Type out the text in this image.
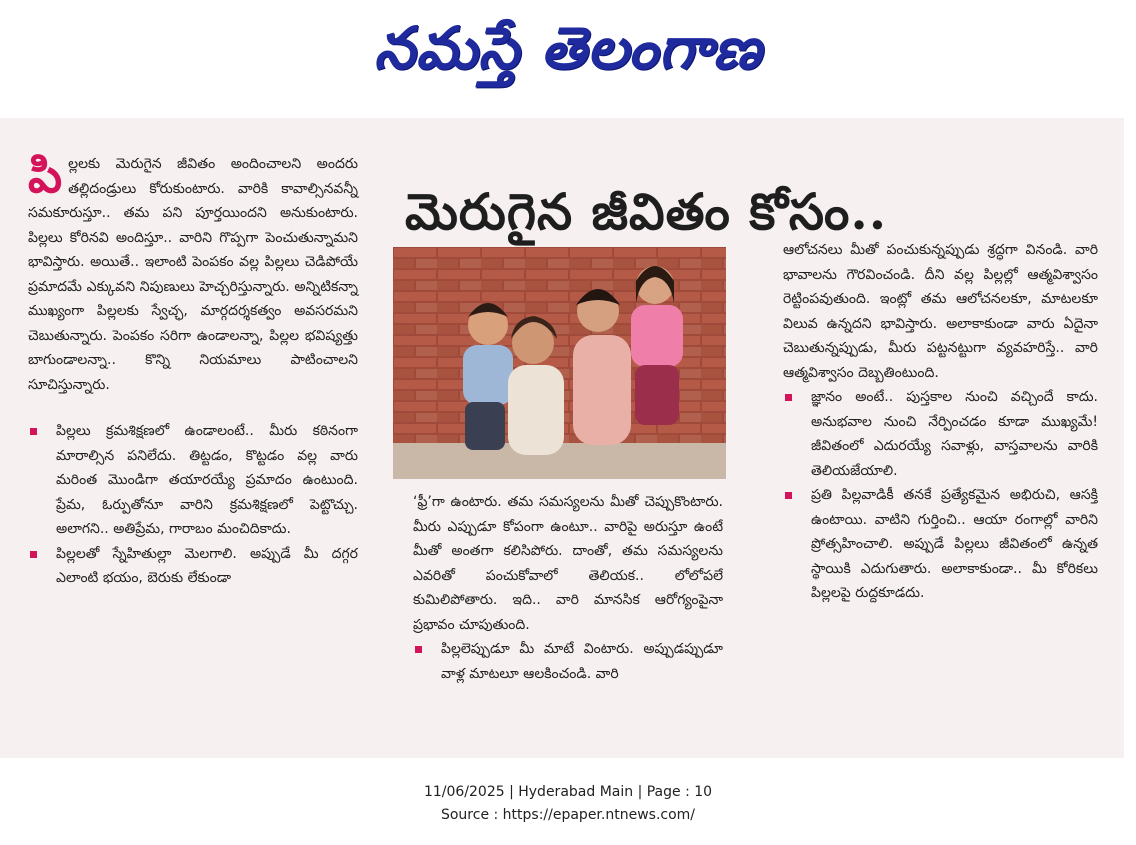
నమస్తే తెలంగాణ
మెరుగైన జీవితం కోసం..

పిల్లలకు మెరుగైన జీవితం అందించాలని అందరు తల్లిదండ్రులు కోరుకుంటారు. వారికి కావాల్సినవన్నీ సమకూరుస్తూ.. తమ పని పూర్తయిందని అనుకుంటారు. పిల్లలు కోరినవి అందిస్తూ.. వారిని గొప్పగా పెంచుతున్నామని భావిస్తారు. అయితే.. ఇలాంటి పెంపకం వల్ల పిల్లలు చెడిపోయే ప్రమాదమే ఎక్కువని నిపుణులు హెచ్చరిస్తున్నారు. అన్నిటికన్నా ముఖ్యంగా పిల్లలకు స్వేచ్ఛ, మార్గదర్శకత్వం అవసరమని చెబుతున్నారు. పెంపకం సరిగా ఉండాలన్నా, పిల్లల భవిష్యత్తు బాగుండాలన్నా.. కొన్ని నియమాలు పాటించాలని సూచిస్తున్నారు.

పిల్లలు క్రమశిక్షణలో ఉండాలంటే.. మీరు కఠినంగా మారాల్సిన పనిలేదు. తిట్టడం, కొట్టడం వల్ల వారు మరింత మొండిగా తయారయ్యే ప్రమాదం ఉంటుంది. ప్రేమ, ఓర్పుతోనూ వారిని క్రమశిక్షణలో పెట్టొచ్చు. అలాగని.. అతిప్రేమ, గారాబం మంచిదికాదు.

పిల్లలతో స్నేహితుల్లా మెలగాలి. అప్పుడే మీ దగ్గర ఎలాంటి భయం, బెరుకు లేకుండా

‘ఫ్రీ’గా ఉంటారు. తమ సమస్యలను మీతో చెప్పుకొంటారు. మీరు ఎప్పుడూ కోపంగా ఉంటూ.. వారిపై అరుస్తూ ఉంటే మీతో అంతగా కలిసిపోరు. దాంతో, తమ సమస్యలను ఎవరితో పంచుకోవాలో తెలియక.. లోలోపలే కుమిలిపోతారు. ఇది.. వారి మానసిక ఆరోగ్యంపైనా ప్రభావం చూపుతుంది.

పిల్లలెప్పుడూ మీ మాటే వింటారు. అప్పుడప్పుడూ వాళ్ల మాటలూ ఆలకించండి. వారి

ఆలోచనలు మీతో పంచుకున్నప్పుడు శ్రద్ధగా వినండి. వారి భావాలను గౌరవించండి. దీని వల్ల పిల్లల్లో ఆత్మవిశ్వాసం రెట్టింపవుతుంది. ఇంట్లో తమ ఆలోచనలకూ, మాటలకూ విలువ ఉన్నదని భావిస్తారు. అలాకాకుండా వారు ఏదైనా చెబుతున్నప్పుడు, మీరు పట్టనట్టుగా వ్యవహరిస్తే.. వారి ఆత్మవిశ్వాసం దెబ్బతింటుంది.

జ్ఞానం అంటే.. పుస్తకాల నుంచి వచ్చిందే కాదు. అనుభవాల నుంచి నేర్పించడం కూడా ముఖ్యమే! జీవితంలో ఎదురయ్యే సవాళ్లు, వాస్తవాలను వారికి తెలియజేయాలి.

ప్రతి పిల్లవాడికీ తనకే ప్రత్యేకమైన అభిరుచి, ఆసక్తి ఉంటాయి. వాటిని గుర్తించి.. ఆయా రంగాల్లో వారిని ప్రోత్సహించాలి. అప్పుడే పిల్లలు జీవితంలో ఉన్నత స్థాయికి ఎదుగుతారు. అలాకాకుండా.. మీ కోరికలు పిల్లలపై రుద్దకూడదు.

11/06/2025 | Hyderabad Main | Page : 10
Source : https://epaper.ntnews.com/
